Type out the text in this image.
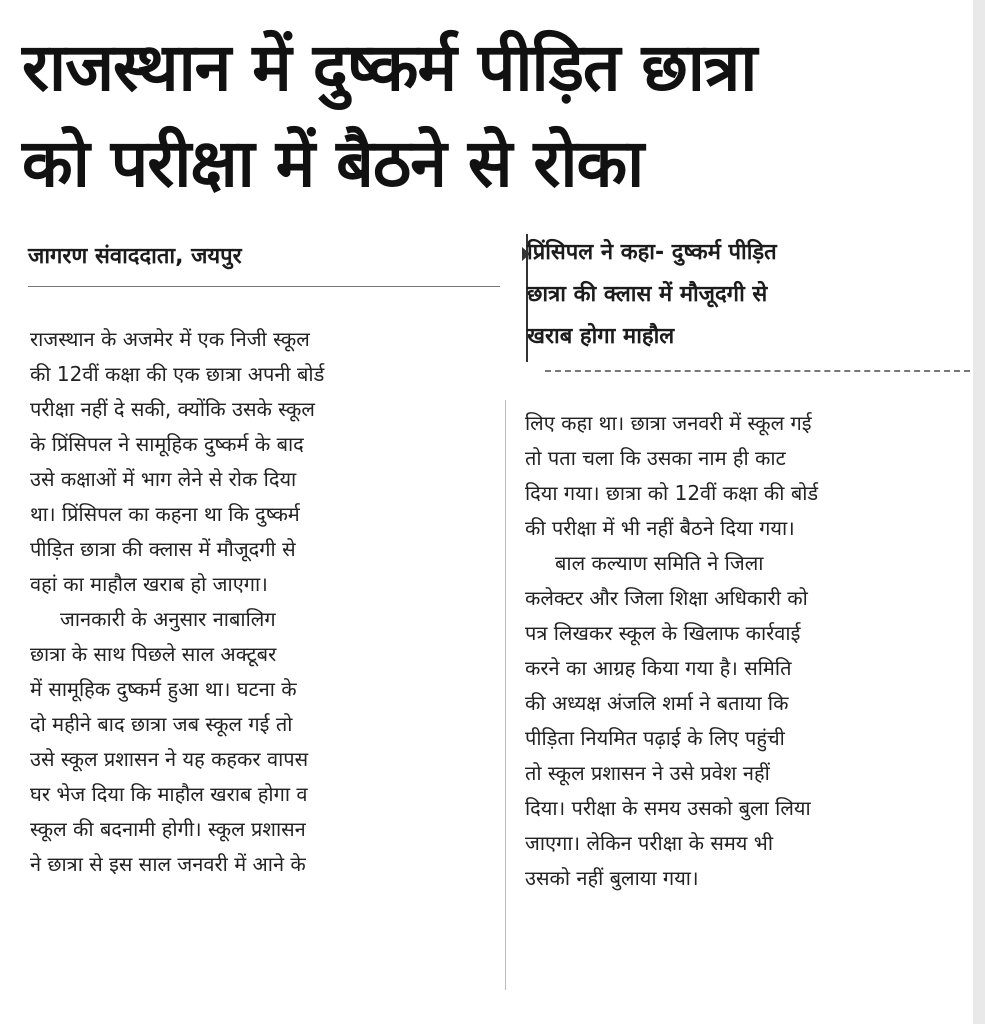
राजस्थान में दुष्कर्म पीड़ित छात्रा
को परीक्षा में बैठने से रोका
जागरण संवाददाता, जयपुर	प्रिंसिपल ने कहा- दुष्कर्म पीड़ित
छात्रा की क्लास में मौजूदगी से
खराब होगा माहौल
राजस्थान के अजमेर में एक निजी स्कूल
की 12वीं कक्षा की एक छात्रा अपनी बोर्ड
परीक्षा नहीं दे सकी, क्योंकि उसके स्कूल
के प्रिंसिपल ने सामूहिक दुष्कर्म के बाद
उसे कक्षाओं में भाग लेने से रोक दिया
था। प्रिंसिपल का कहना था कि दुष्कर्म
पीड़ित छात्रा की क्लास में मौजूदगी से
वहां का माहौल खराब हो जाएगा।
जानकारी के अनुसार नाबालिग
छात्रा के साथ पिछले साल अक्टूबर
में सामूहिक दुष्कर्म हुआ था। घटना के
दो महीने बाद छात्रा जब स्कूल गई तो
उसे स्कूल प्रशासन ने यह कहकर वापस
घर भेज दिया कि माहौल खराब होगा व
स्कूल की बदनामी होगी। स्कूल प्रशासन
ने छात्रा से इस साल जनवरी में आने के
लिए कहा था। छात्रा जनवरी में स्कूल गई
तो पता चला कि उसका नाम ही काट
दिया गया। छात्रा को 12वीं कक्षा की बोर्ड
की परीक्षा में भी नहीं बैठने दिया गया।
बाल कल्याण समिति ने जिला
कलेक्टर और जिला शिक्षा अधिकारी को
पत्र लिखकर स्कूल के खिलाफ कार्रवाई
करने का आग्रह किया गया है। समिति
की अध्यक्ष अंजलि शर्मा ने बताया कि
पीड़िता नियमित पढ़ाई के लिए पहुंची
तो स्कूल प्रशासन ने उसे प्रवेश नहीं
दिया। परीक्षा के समय उसको बुला लिया
जाएगा। लेकिन परीक्षा के समय भी
उसको नहीं बुलाया गया।
